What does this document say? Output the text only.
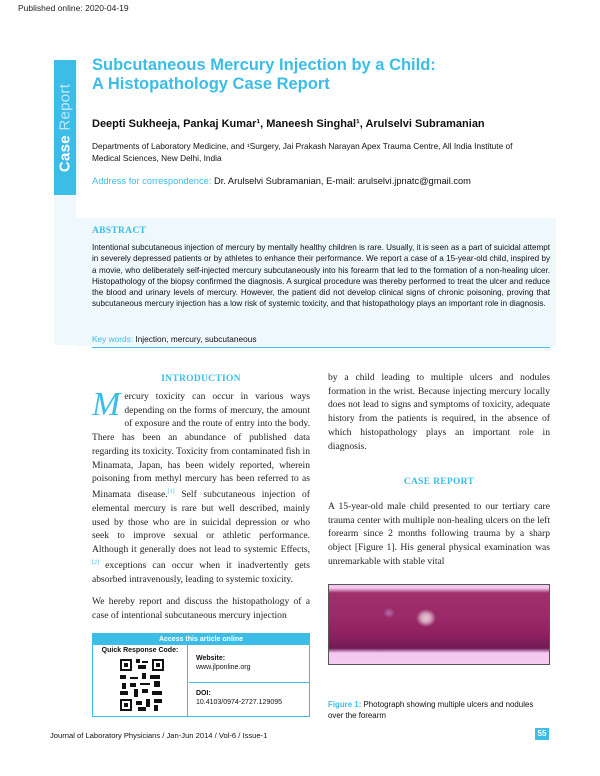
Published online: 2020-04-19
Case Report
Subcutaneous Mercury Injection by a Child:
A Histopathology Case Report
Deepti Sukheeja, Pankaj Kumar¹, Maneesh Singhal¹, Arulselvi Subramanian
Departments of Laboratory Medicine, and ¹Surgery, Jai Prakash Narayan Apex Trauma Centre, All India Institute of Medical Sciences, New Delhi, India
Address for correspondence: Dr. Arulselvi Subramanian, E-mail: arulselvi.jpnatc@gmail.com
ABSTRACT
Intentional subcutaneous injection of mercury by mentally healthy children is rare. Usually, it is seen as a part of suicidal attempt in severely depressed patients or by athletes to enhance their performance. We report a case of a 15-year-old child, inspired by a movie, who deliberately self-injected mercury subcutaneously into his forearm that led to the formation of a non-healing ulcer. Histopathology of the biopsy confirmed the diagnosis. A surgical procedure was thereby performed to treat the ulcer and reduce the blood and urinary levels of mercury. However, the patient did not develop clinical signs of chronic poisoning, proving that subcutaneous mercury injection has a low risk of systemic toxicity, and that histopathology plays an important role in diagnosis.
Key words: Injection, mercury, subcutaneous
INTRODUCTION
Mercury toxicity can occur in various ways depending on the forms of mercury, the amount of exposure and the route of entry into the body. There has been an abundance of published data regarding its toxicity. Toxicity from contaminated fish in Minamata, Japan, has been widely reported, wherein poisoning from methyl mercury has been referred to as Minamata disease.[1] Self subcutaneous injection of elemental mercury is rare but well described, mainly used by those who are in suicidal depression or who seek to improve sexual or athletic performance. Although it generally does not lead to systemic Effects,[2] exceptions can occur when it inadvertently gets absorbed intravenously, leading to systemic toxicity.
We hereby report and discuss the histopathology of a case of intentional subcutaneous mercury injection
Access this article online
Quick Response Code:
Website:
www.jlponline.org
DOI:
10.4103/0974-2727.129095
by a child leading to multiple ulcers and nodules formation in the wrist. Because injecting mercury locally does not lead to signs and symptoms of toxicity, adequate history from the patients is required, in the absence of which histopathology plays an important role in diagnosis.
CASE REPORT
A 15-year-old male child presented to our tertiary care trauma center with multiple non-healing ulcers on the left forearm since 2 months following trauma by a sharp object [Figure 1]. His general physical examination was unremarkable with stable vital
Figure 1: Photograph showing multiple ulcers and nodules over the forearm
Journal of Laboratory Physicians / Jan-Jun 2014 / Vol-6 / Issue-1	55
